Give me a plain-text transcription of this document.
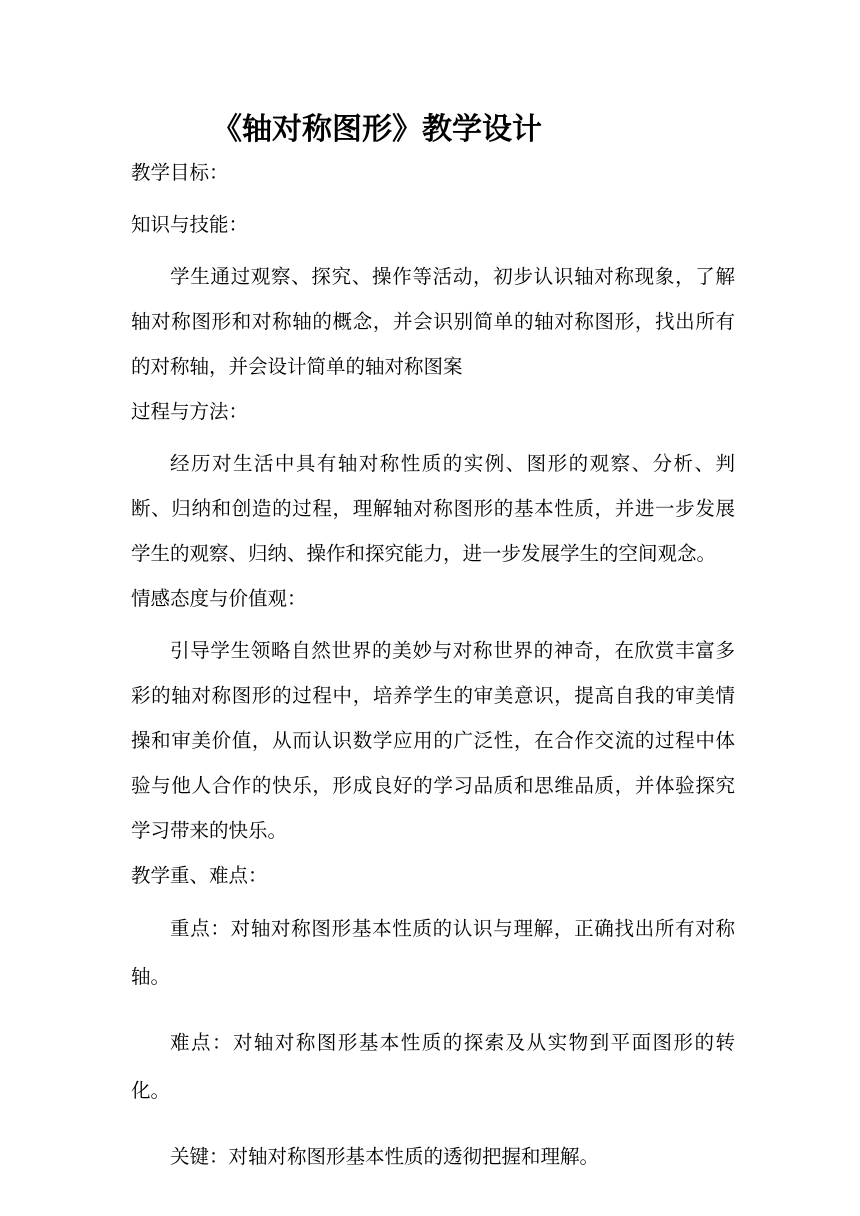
《轴对称图形》教学设计

教学目标：

知识与技能：

学生通过观察、探究、操作等活动，初步认识轴对称现象，了解轴对称图形和对称轴的概念，并会识别简单的轴对称图形，找出所有的对称轴，并会设计简单的轴对称图案

过程与方法：

经历对生活中具有轴对称性质的实例、图形的观察、分析、判断、归纳和创造的过程，理解轴对称图形的基本性质，并进一步发展学生的观察、归纳、操作和探究能力，进一步发展学生的空间观念。

情感态度与价值观：

引导学生领略自然世界的美妙与对称世界的神奇，在欣赏丰富多彩的轴对称图形的过程中，培养学生的审美意识，提高自我的审美情操和审美价值，从而认识数学应用的广泛性，在合作交流的过程中体验与他人合作的快乐，形成良好的学习品质和思维品质，并体验探究学习带来的快乐。

教学重、难点：

重点：对轴对称图形基本性质的认识与理解，正确找出所有对称轴。

难点：对轴对称图形基本性质的探索及从实物到平面图形的转化。

关键：对轴对称图形基本性质的透彻把握和理解。
